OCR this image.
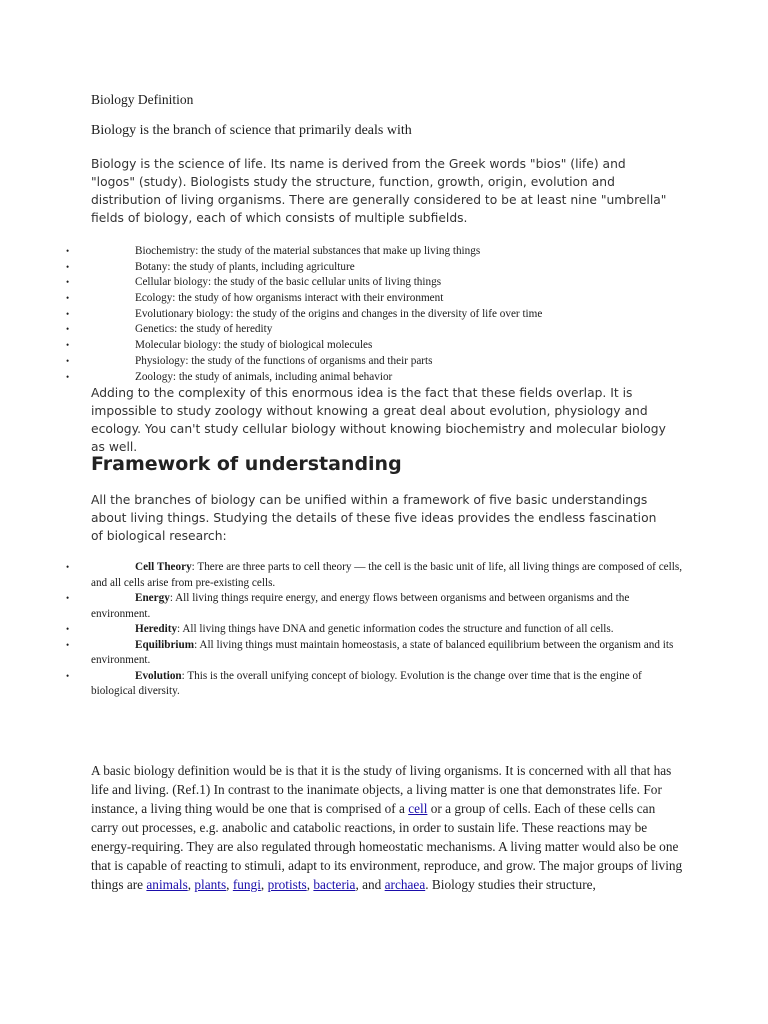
Biology Definition
Biology is the branch of science that primarily deals with
Biology is the science of life. Its name is derived from the Greek words "bios" (life) and "logos" (study). Biologists study the structure, function, growth, origin, evolution and distribution of living organisms. There are generally considered to be at least nine "umbrella" fields of biology, each of which consists of multiple subfields.
•	Biochemistry: the study of the material substances that make up living things
•	Botany: the study of plants, including agriculture
•	Cellular biology: the study of the basic cellular units of living things
•	Ecology: the study of how organisms interact with their environment
•	Evolutionary biology: the study of the origins and changes in the diversity of life over time
•	Genetics: the study of heredity
•	Molecular biology: the study of biological molecules
•	Physiology: the study of the functions of organisms and their parts
•	Zoology: the study of animals, including animal behavior
Adding to the complexity of this enormous idea is the fact that these fields overlap. It is impossible to study zoology without knowing a great deal about evolution, physiology and ecology. You can't study cellular biology without knowing biochemistry and molecular biology as well.
Framework of understanding
All the branches of biology can be unified within a framework of five basic understandings about living things. Studying the details of these five ideas provides the endless fascination of biological research:
•	Cell Theory: There are three parts to cell theory — the cell is the basic unit of life, all living things are composed of cells, and all cells arise from pre-existing cells.
•	Energy: All living things require energy, and energy flows between organisms and between organisms and the environment.
•	Heredity: All living things have DNA and genetic information codes the structure and function of all cells.
•	Equilibrium: All living things must maintain homeostasis, a state of balanced equilibrium between the organism and its environment.
•	Evolution: This is the overall unifying concept of biology. Evolution is the change over time that is the engine of biological diversity.
A basic biology definition would be is that it is the study of living organisms. It is concerned with all that has life and living. (Ref.1) In contrast to the inanimate objects, a living matter is one that demonstrates life. For instance, a living thing would be one that is comprised of a cell or a group of cells. Each of these cells can carry out processes, e.g. anabolic and catabolic reactions, in order to sustain life. These reactions may be energy-requiring. They are also regulated through homeostatic mechanisms. A living matter would also be one that is capable of reacting to stimuli, adapt to its environment, reproduce, and grow. The major groups of living things are animals, plants, fungi, protists, bacteria, and archaea. Biology studies their structure,
